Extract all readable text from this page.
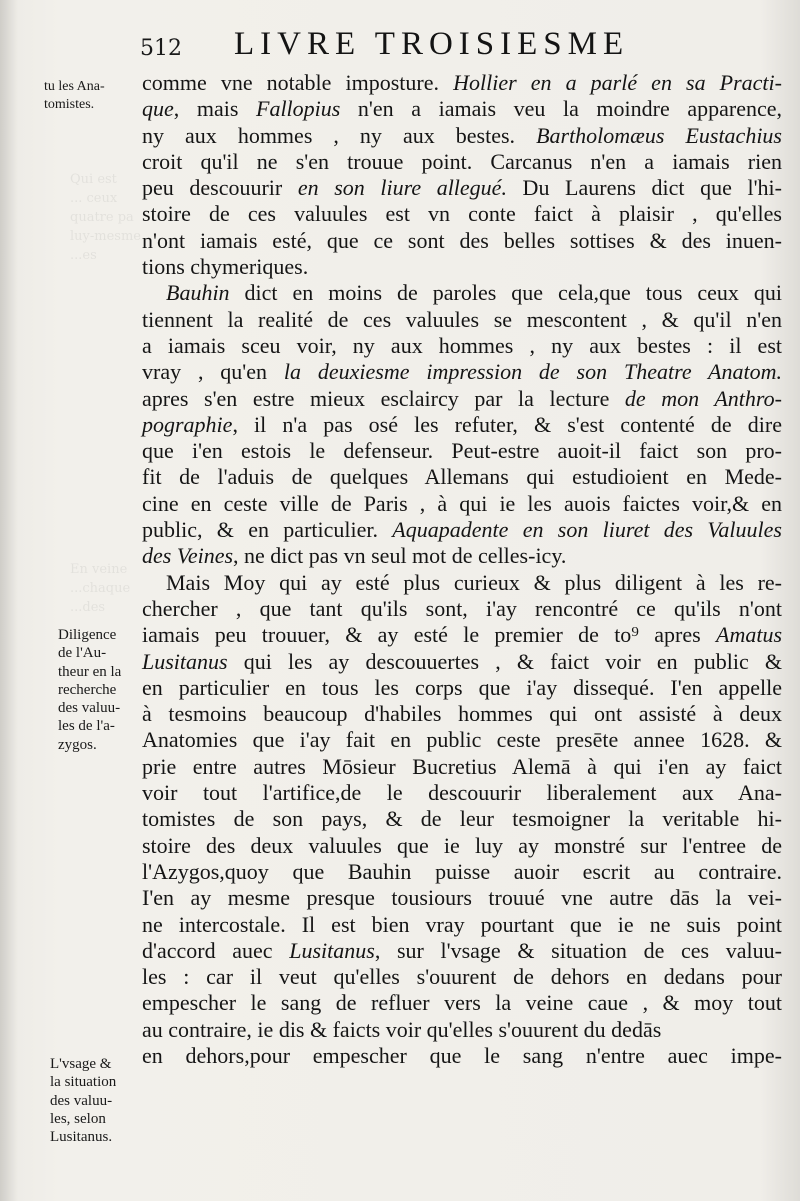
Qui est
... ceux
quatre pa
luy-mesme
...es
En veine
...chaque
...des
512 LIVRE TROISIESME
tu les Ana-
tomistes.
Diligence
de l'Au-
theur en la
recherche
des valuu-
les de l'a-
zygos.
L'vsage &
la situation
des valuu-
les, selon
Lusitanus.
comme vne notable imposture. Hollier en a parlé en sa Practi-
que, mais Fallopius n'en a iamais veu la moindre apparence,
ny aux hommes , ny aux bestes. Bartholomæus Eustachius
croit qu'il ne s'en trouue point. Carcanus n'en a iamais rien
peu descouurir en son liure allegué. Du Laurens dict que l'hi-
stoire de ces valuules est vn conte faict à plaisir , qu'elles
n'ont iamais esté, que ce sont des belles sottises & des inuen-
tions chymeriques.
Bauhin dict en moins de paroles que cela,que tous ceux qui
tiennent la realité de ces valuules se mescontent , & qu'il n'en
a iamais sceu voir, ny aux hommes , ny aux bestes : il est
vray , qu'en la deuxiesme impression de son Theatre Anatom.
apres s'en estre mieux esclaircy par la lecture de mon Anthro-
pographie, il n'a pas osé les refuter, & s'est contenté de dire
que i'en estois le defenseur. Peut-estre auoit-il faict son pro-
fit de l'aduis de quelques Allemans qui estudioient en Mede-
cine en ceste ville de Paris , à qui ie les auois faictes voir,& en
public, & en particulier. Aquapadente en son liuret des Valuules
des Veines, ne dict pas vn seul mot de celles-icy.
Mais Moy qui ay esté plus curieux & plus diligent à les re-
chercher , que tant qu'ils sont, i'ay rencontré ce qu'ils n'ont
iamais peu trouuer, & ay esté le premier de to⁹ apres Amatus
Lusitanus qui les ay descouuertes , & faict voir en public &
en particulier en tous les corps que i'ay dissequé. I'en appelle
à tesmoins beaucoup d'habiles hommes qui ont assisté à deux
Anatomies que i'ay fait en public ceste presēte annee 1628. &
prie entre autres Mōsieur Bucretius Alemā à qui i'en ay faict
voir tout l'artifice,de le descouurir liberalement aux Ana-
tomistes de son pays, & de leur tesmoigner la veritable hi-
stoire des deux valuules que ie luy ay monstré sur l'entree de
l'Azygos,quoy que Bauhin puisse auoir escrit au contraire.
I'en ay mesme presque tousiours trouué vne autre dās la vei-
ne intercostale. Il est bien vray pourtant que ie ne suis point
d'accord auec Lusitanus, sur l'vsage & situation de ces valuu-
les : car il veut qu'elles s'ouurent de dehors en dedans pour
empescher le sang de refluer vers la veine caue , & moy tout
au contraire, ie dis & faicts voir qu'elles s'ouurent du dedās
en dehors,pour empescher que le sang n'entre auec impe-
